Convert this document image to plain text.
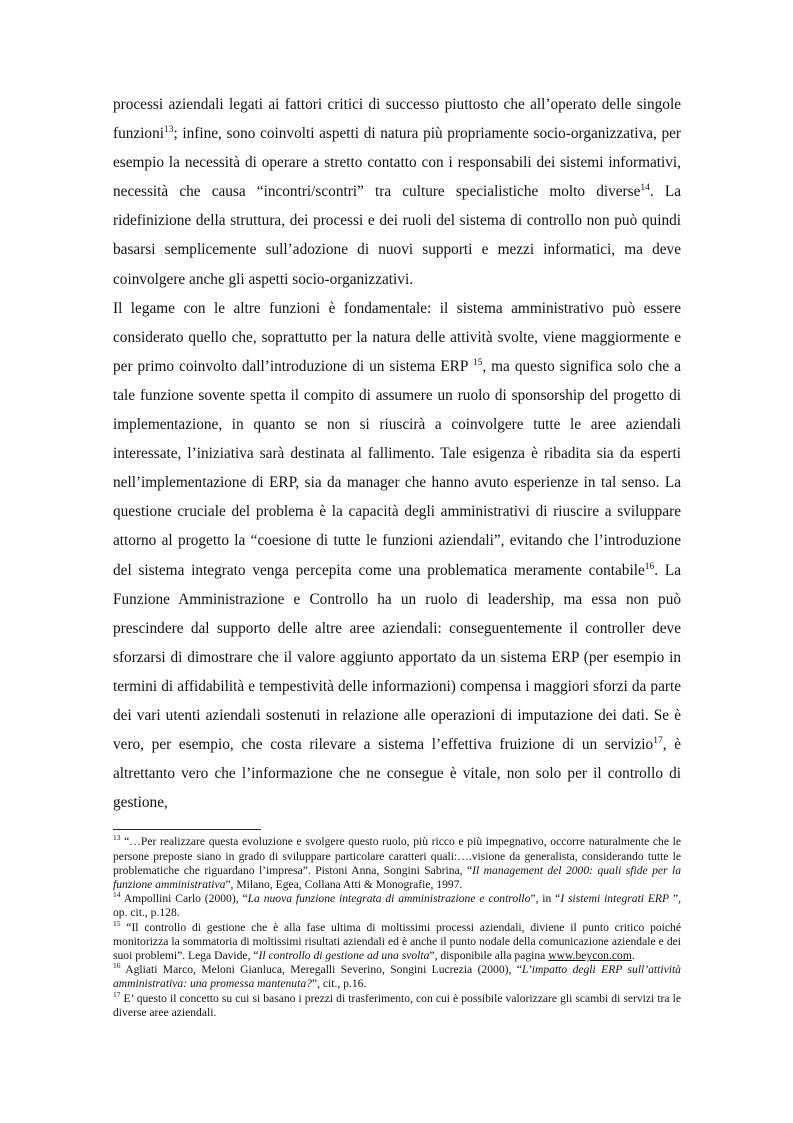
processi aziendali legati ai fattori critici di successo piuttosto che all’operato delle singole funzioni$^{13}$; infine, sono coinvolti aspetti di natura più propriamente socio-organizzativa, per esempio la necessità di operare a stretto contatto con i responsabili dei sistemi informativi, necessità che causa “incontri/scontri” tra culture specialistiche molto diverse$^{14}$. La ridefinizione della struttura, dei processi e dei ruoli del sistema di controllo non può quindi basarsi semplicemente sull’adozione di nuovi supporti e mezzi informatici, ma deve coinvolgere anche gli aspetti socio-organizzativi.

Il legame con le altre funzioni è fondamentale: il sistema amministrativo può essere considerato quello che, soprattutto per la natura delle attività svolte, viene maggiormente e per primo coinvolto dall’introduzione di un sistema ERP $^{15}$, ma questo significa solo che a tale funzione sovente spetta il compito di assumere un ruolo di sponsorship del progetto di implementazione, in quanto se non si riuscirà a coinvolgere tutte le aree aziendali interessate, l’iniziativa sarà destinata al fallimento. Tale esigenza è ribadita sia da esperti nell’implementazione di ERP, sia da manager che hanno avuto esperienze in tal senso. La questione cruciale del problema è la capacità degli amministrativi di riuscire a sviluppare attorno al progetto la “coesione di tutte le funzioni aziendali”, evitando che l’introduzione del sistema integrato venga percepita come una problematica meramente contabile$^{16}$. La Funzione Amministrazione e Controllo ha un ruolo di leadership, ma essa non può prescindere dal supporto delle altre aree aziendali: conseguentemente il controller deve sforzarsi di dimostrare che il valore aggiunto apportato da un sistema ERP (per esempio in termini di affidabilità e tempestività delle informazioni) compensa i maggiori sforzi da parte dei vari utenti aziendali sostenuti in relazione alle operazioni di imputazione dei dati. Se è vero, per esempio, che costa rilevare a sistema l’effettiva fruizione di un servizio$^{17}$, è altrettanto vero che l’informazione che ne consegue è vitale, non solo per il controllo di gestione,

$^{13}$ “…Per realizzare questa evoluzione e svolgere questo ruolo, più ricco e più impegnativo, occorre naturalmente che le persone preposte siano in grado di sviluppare particolare caratteri quali:….visione da generalista, considerando tutte le problematiche che riguardano l’impresa”. Pistoni Anna, Songini Sabrina, “Il management del 2000: quali sfide per la funzione amministrativa”, Milano, Egea, Collana Atti & Monografie, 1997.

$^{14}$ Ampollini Carlo (2000), “La nuova funzione integrata di amministrazione e controllo”, in “I sistemi integrati ERP ”, op. cit., p.128.

$^{15}$ “Il controllo di gestione che è alla fase ultima di moltissimi processi aziendali, diviene il punto critico poiché monitorizza la sommatoria di moltissimi risultati aziendali ed è anche il punto nodale della comunicazione aziendale e dei suoi problemi”. Lega Davide, “Il controllo di gestione ad una svolta”, disponibile alla pagina www.beycon.com.

$^{16}$ Agliati Marco, Meloni Gianluca, Meregalli Severino, Songini Lucrezia (2000), “L’impatto degli ERP sull’attività amministrativa: una promessa mantenuta?”, cit., p.16.

$^{17}$ E’ questo il concetto su cui si basano i prezzi di trasferimento, con cui è possibile valorizzare gli scambi di servizi tra le diverse aree aziendali.
